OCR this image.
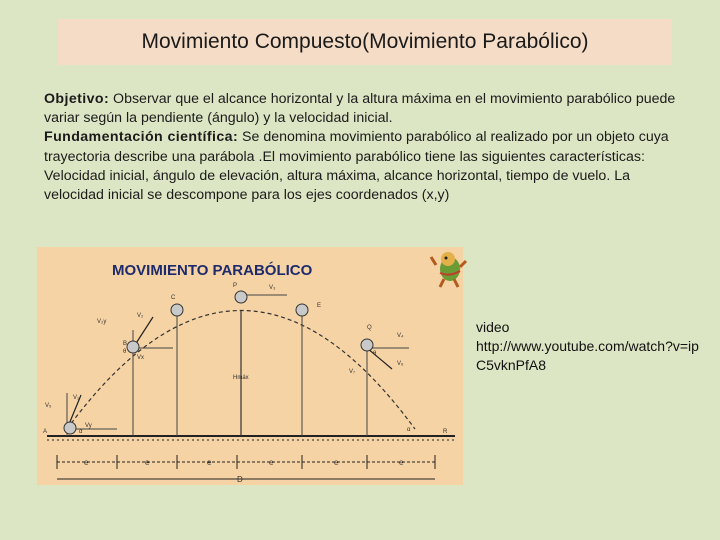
Movimiento Compuesto(Movimiento Parabólico)

Objetivo: Observar que el alcance horizontal y la altura máxima en el movimiento parabólico puede variar según la pendiente (ángulo) y la velocidad inicial.

Fundamentación científica: Se denomina movimiento parabólico al realizado por un objeto cuya trayectoria describe una parábola .El movimiento parabólico tiene las siguientes características: Velocidad inicial, ángulo de elevación, altura máxima, alcance horizontal, tiempo de vuelo. La velocidad inicial se descompone para los ejes coordenados (x,y)

MOVIMIENTO PARABÓLICO
e	e	e	e	e	e
D
Hmáx
A
B
C
P
E
Q
R
V₁
V₂
V₂y
Vx
V₃
V₄
V₆
V₇
V₅
Vy
θ	θ
α	α
video
http://www.youtube.com/watch?v=ipC5vknPfA8
